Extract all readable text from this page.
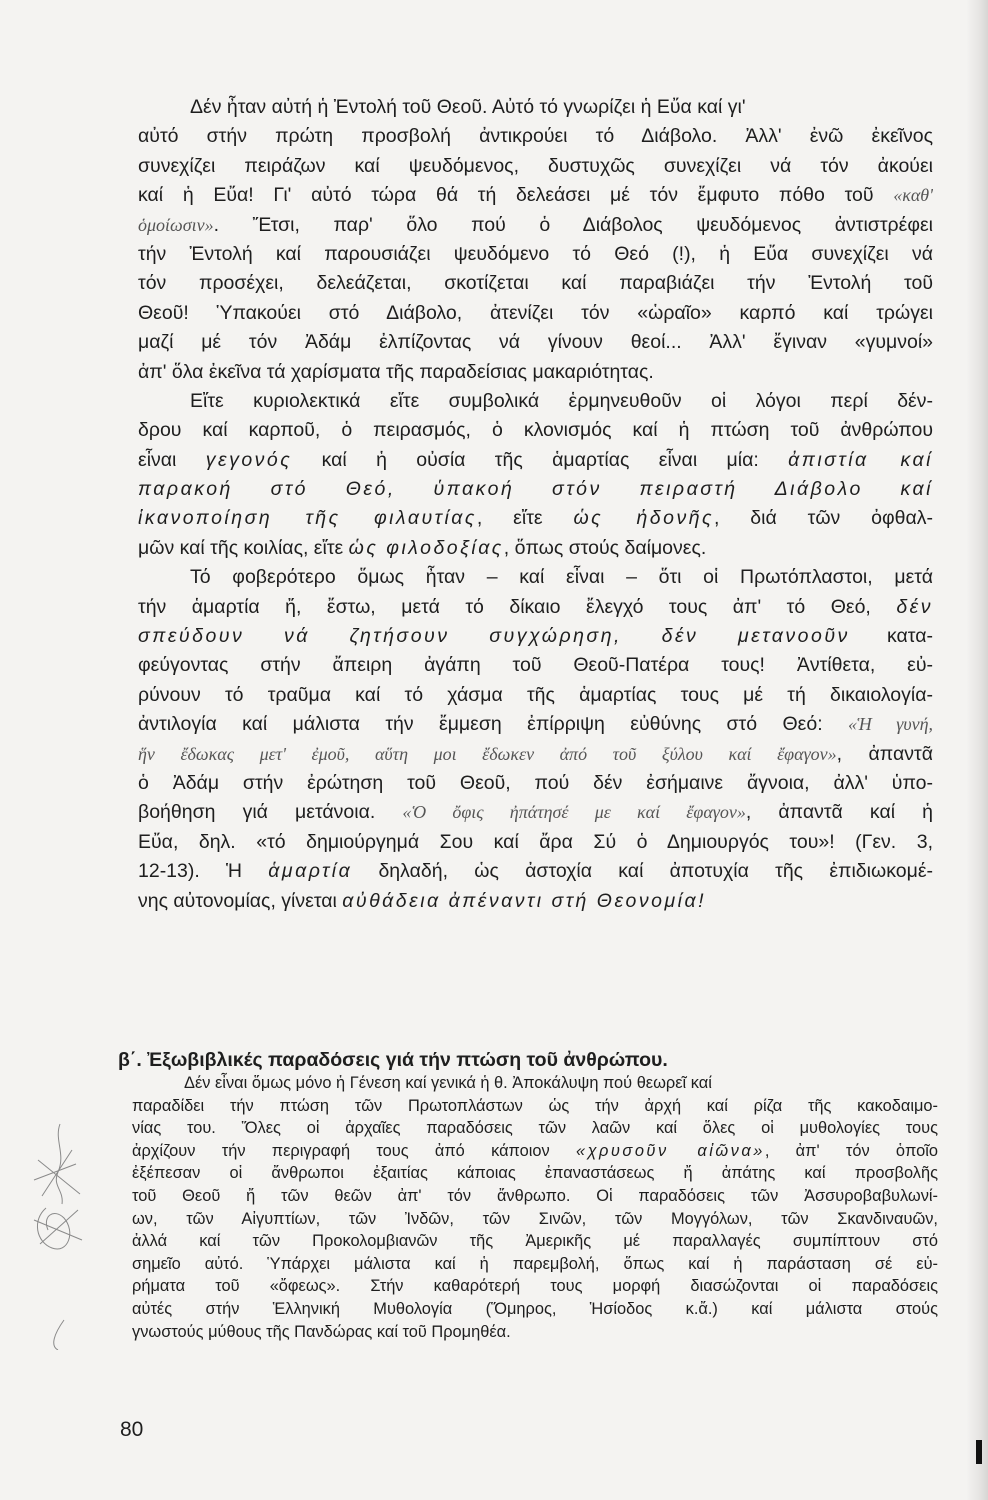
Δέν ἦταν αὐτή ἡ Ἐντολή τοῦ Θεοῦ. Αὐτό τό γνωρίζει ἡ Εὔα καί γι'
αὐτό στήν πρώτη προσβολή ἀντικρούει τό Διάβολο. Ἀλλ' ἐνῶ ἐκεῖνος
συνεχίζει πειράζων καί ψευδόμενος, δυστυχῶς συνεχίζει νά τόν ἀκούει
καί ἡ Εὔα! Γι' αὐτό τώρα θά τή δελεάσει μέ τόν ἔμφυτο πόθο τοῦ «καθ'
ὁμοίωσιν». Ἔτσι, παρ' ὅλο πού ὁ Διάβολος ψευδόμενος ἀντιστρέφει
τήν Ἐντολή καί παρουσιάζει ψευδόμενο τό Θεό (!), ἡ Εὔα συνεχίζει νά
τόν προσέχει, δελεάζεται, σκοτίζεται καί παραβιάζει τήν Ἐντολή τοῦ
Θεοῦ! Ὑπακούει στό Διάβολο, ἀτενίζει τόν «ὡραῖο» καρπό καί τρώγει
μαζί μέ τόν Ἀδάμ ἐλπίζοντας νά γίνουν θεοί... Ἀλλ' ἔγιναν «γυμνοί»
ἀπ' ὅλα ἐκεῖνα τά χαρίσματα τῆς παραδείσιας μακαριότητας.
Εἴτε κυριολεκτικά εἴτε συμβολικά ἑρμηνευθοῦν οἱ λόγοι περί δέν-
δρου καί καρποῦ, ὁ πειρασμός, ὁ κλονισμός καί ἡ πτώση τοῦ ἀνθρώπου
εἶναι γεγονός καί ἡ οὐσία τῆς ἁμαρτίας εἶναι μία: ἀπιστία καί
παρακοή στό Θεό, ὑπακοή στόν πειραστή Διάβολο καί
ἱκανοποίηση τῆς φιλαυτίας, εἴτε ὡς ἡδονῆς, διά τῶν ὀφθαλ-
μῶν καί τῆς κοιλίας, εἴτε ὡς φιλοδοξίας, ὅπως στούς δαίμονες.
Τό φοβερότερο ὅμως ἦταν – καί εἶναι – ὅτι οἱ Πρωτόπλαστοι, μετά
τήν ἁμαρτία ἤ, ἔστω, μετά τό δίκαιο ἔλεγχό τους ἀπ' τό Θεό, δέν
σπεύδουν νά ζητήσουν συγχώρηση, δέν μετανοοῦν κατα-
φεύγοντας στήν ἄπειρη ἀγάπη τοῦ Θεοῦ-Πατέρα τους! Ἀντίθετα, εὐ-
ρύνουν τό τραῦμα καί τό χάσμα τῆς ἁμαρτίας τους μέ τή δικαιολογία-
ἀντιλογία καί μάλιστα τήν ἔμμεση ἐπίρριψη εὐθύνης στό Θεό: «Ἡ γυνή,
ἥν ἔδωκας μετ' ἐμοῦ, αὕτη μοι ἔδωκεν ἀπό τοῦ ξύλου καί ἔφαγον», ἀπαντᾶ
ὁ Ἀδάμ στήν ἐρώτηση τοῦ Θεοῦ, πού δέν ἐσήμαινε ἄγνοια, ἀλλ' ὑπο-
βοήθηση γιά μετάνοια. «Ὁ ὄφις ἠπάτησέ με καί ἔφαγον», ἀπαντᾶ καί ἡ
Εὔα, δηλ. «τό δημιούργημά Σου καί ἄρα Σύ ὁ Δημιουργός του»! (Γεν. 3,
12-13). Ἡ ἁμαρτία δηλαδή, ὡς ἀστοχία καί ἀποτυχία τῆς ἐπιδιωκομέ-
νης αὐτονομίας, γίνεται αὐθάδεια ἀπέναντι στή Θεονομία!
β΄. Ἐξωβιβλικές παραδόσεις γιά τήν πτώση τοῦ ἀνθρώπου.
Δέν εἶναι ὅμως μόνο ἡ Γένεση καί γενικά ἡ θ. Ἀποκάλυψη πού θεωρεῖ καί
παραδίδει τήν πτώση τῶν Πρωτοπλάστων ὡς τήν ἀρχή καί ρίζα τῆς κακοδαιμο-
νίας του. Ὅλες οἱ ἀρχαῖες παραδόσεις τῶν λαῶν καί ὅλες οἱ μυθολογίες τους
ἀρχίζουν τήν περιγραφή τους ἀπό κάποιον «χρυσοῦν αἰῶνα», ἀπ' τόν ὁποῖο
ἐξέπεσαν οἱ ἄνθρωποι ἐξαιτίας κάποιας ἐπαναστάσεως ἤ ἀπάτης καί προσβολῆς
τοῦ Θεοῦ ἤ τῶν θεῶν ἀπ' τόν ἄνθρωπο. Οἱ παραδόσεις τῶν Ἀσσυροβαβυλωνί-
ων, τῶν Αἰγυπτίων, τῶν Ἰνδῶν, τῶν Σινῶν, τῶν Μογγόλων, τῶν Σκανδιναυῶν,
ἀλλά καί τῶν Προκολομβιανῶν τῆς Ἀμερικῆς μέ παραλλαγές συμπίπτουν στό
σημεῖο αὐτό. Ὑπάρχει μάλιστα καί ἡ παρεμβολή, ὅπως καί ἡ παράσταση σέ εὑ-
ρήματα τοῦ «ὄφεως». Στήν καθαρότερή τους μορφή διασώζονται οἱ παραδόσεις
αὐτές στήν Ἑλληνική Μυθολογία (Ὅμηρος, Ἡσίοδος κ.ἄ.) καί μάλιστα στούς
γνωστούς μύθους τῆς Πανδώρας καί τοῦ Προμηθέα.
80
